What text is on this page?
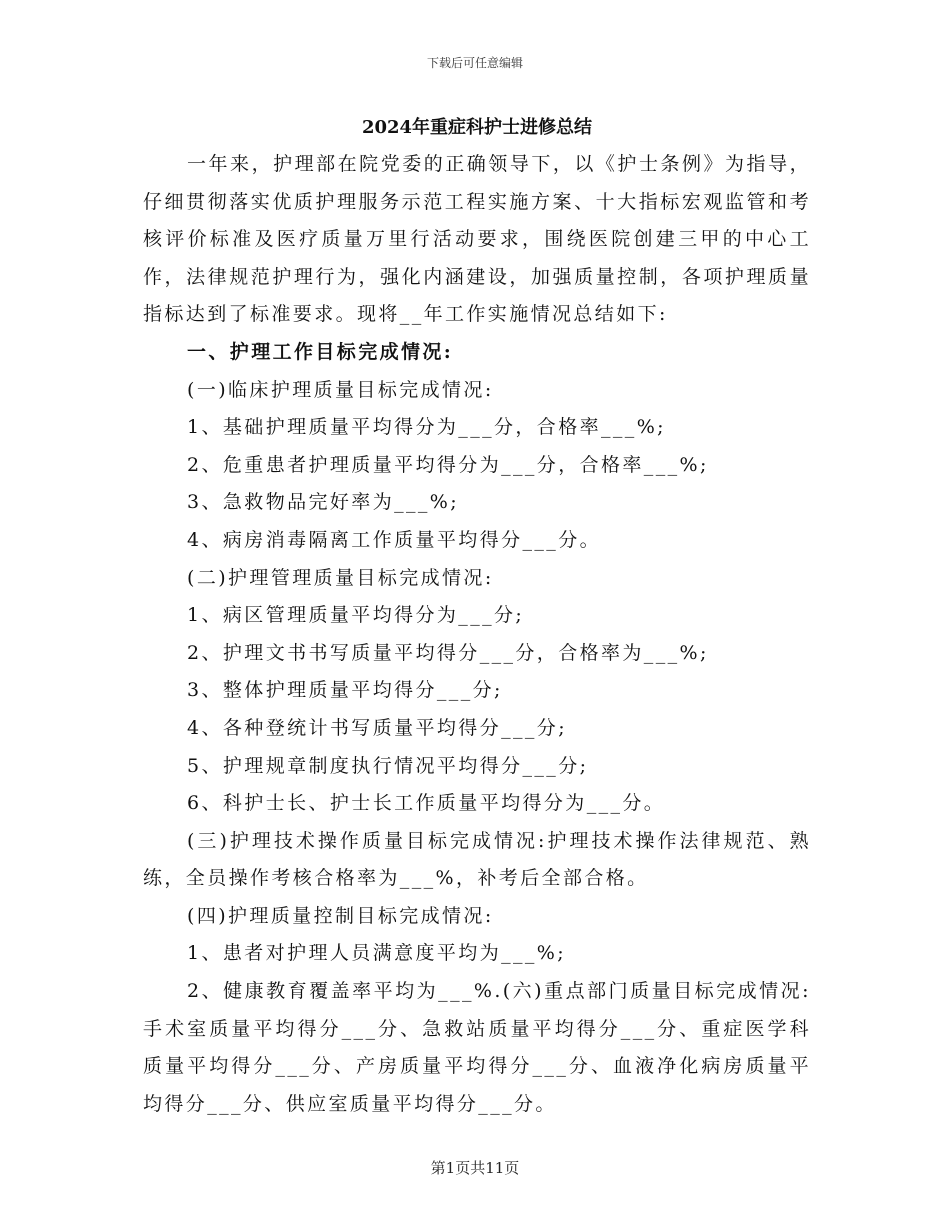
下载后可任意编辑
2024年重症科护士进修总结

一年来，护理部在院党委的正确领导下，以《护士条例》为指导，仔细贯彻落实优质护理服务示范工程实施方案、十大指标宏观监管和考核评价标准及医疗质量万里行活动要求，围绕医院创建三甲的中心工作，法律规范护理行为，强化内涵建设，加强质量控制，各项护理质量指标达到了标准要求。现将__年工作实施情况总结如下:

一、护理工作目标完成情况:

(一)临床护理质量目标完成情况:

1、基础护理质量平均得分为___分，合格率___%;

2、危重患者护理质量平均得分为___分，合格率___%;

3、急救物品完好率为___%;

4、病房消毒隔离工作质量平均得分___分。

(二)护理管理质量目标完成情况:

1、病区管理质量平均得分为___分;

2、护理文书书写质量平均得分___分，合格率为___%;

3、整体护理质量平均得分___分;

4、各种登统计书写质量平均得分___分;

5、护理规章制度执行情况平均得分___分;

6、科护士长、护士长工作质量平均得分为___分。

(三)护理技术操作质量目标完成情况:护理技术操作法律规范、熟练，全员操作考核合格率为___%，补考后全部合格。

(四)护理质量控制目标完成情况:

1、患者对护理人员满意度平均为___%;

2、健康教育覆盖率平均为___%.(六)重点部门质量目标完成情况:手术室质量平均得分___分、急救站质量平均得分___分、重症医学科质量平均得分___分、产房质量平均得分___分、血液净化病房质量平均得分___分、供应室质量平均得分___分。

第1页共11页
